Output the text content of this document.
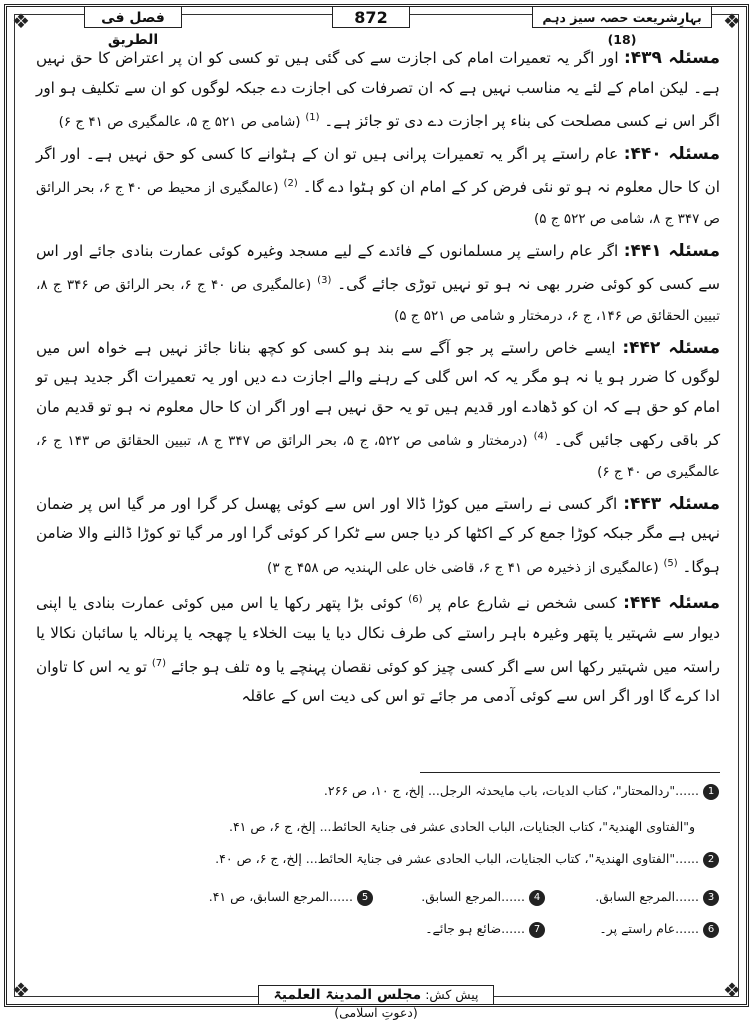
❖	❖
❖	❖
بہارِشریعت حصہ سیز دہم (18)
872
فصل فی الطریق

مسئلہ ۴۳۹: اور اگر یہ تعمیرات امام کی اجازت سے کی گئی ہیں تو کسی کو ان پر اعتراض کا حق نہیں ہے۔ لیکن امام کے لئے یہ مناسب نہیں ہے کہ ان تصرفات کی اجازت دے جبکہ لوگوں کو ان سے تکلیف ہو اور اگر اس نے کسی مصلحت کی بناء پر اجازت دے دی تو جائز ہے۔ $^{(1)}$ (شامی ص ۵۲۱ ج ۵، عالمگیری ص ۴۱ ج ۶)

مسئلہ ۴۴۰: عام راستے پر اگر یہ تعمیرات پرانی ہیں تو ان کے ہٹوانے کا کسی کو حق نہیں ہے۔ اور اگر ان کا حال معلوم نہ ہو تو نئی فرض کر کے امام ان کو ہٹوا دے گا۔ $^{(2)}$ (عالمگیری از محیط ص ۴۰ ج ۶، بحر الرائق ص ۳۴۷ ج ۸، شامی ص ۵۲۲ ج ۵)

مسئلہ ۴۴۱: اگر عام راستے پر مسلمانوں کے فائدے کے لیے مسجد وغیرہ کوئی عمارت بنادی جائے اور اس سے کسی کو کوئی ضرر بھی نہ ہو تو نہیں توڑی جائے گی۔ $^{(3)}$ (عالمگیری ص ۴۰ ج ۶، بحر الرائق ص ۳۴۶ ج ۸، تبیین الحقائق ص ۱۴۶، ج ۶، درمختار و شامی ص ۵۲۱ ج ۵)

مسئلہ ۴۴۲: ایسے خاص راستے پر جو آگے سے بند ہو کسی کو کچھ بنانا جائز نہیں ہے خواہ اس میں لوگوں کا ضرر ہو یا نہ ہو مگر یہ کہ اس گلی کے رہنے والے اجازت دے دیں اور یہ تعمیرات اگر جدید ہیں تو امام کو حق ہے کہ ان کو ڈھادے اور قدیم ہیں تو یہ حق نہیں ہے اور اگر ان کا حال معلوم نہ ہو تو قدیم مان کر باقی رکھی جائیں گی۔ $^{(4)}$ (درمختار و شامی ص ۵۲۲، ج ۵، بحر الرائق ص ۳۴۷ ج ۸، تبیین الحقائق ص ۱۴۳ ج ۶، عالمگیری ص ۴۰ ج ۶)

مسئلہ ۴۴۳: اگر کسی نے راستے میں کوڑا ڈالا اور اس سے کوئی پھسل کر گرا اور مر گیا اس پر ضمان نہیں ہے مگر جبکہ کوڑا جمع کر کے اکٹھا کر دیا جس سے ٹکرا کر کوئی گرا اور مر گیا تو کوڑا ڈالنے والا ضامن ہوگا۔ $^{(5)}$ (عالمگیری از ذخیرہ ص ۴۱ ج ۶، قاضی خاں علی الہندیہ ص ۴۵۸ ج ۳)

مسئلہ ۴۴۴: کسی شخص نے شارع عام پر $^{(6)}$ کوئی بڑا پتھر رکھا یا اس میں کوئی عمارت بنادی یا اپنی دیوار سے شہتیر یا پتھر وغیرہ باہر راستے کی طرف نکال دیا یا بیت الخلاء یا چھجہ یا پرنالہ یا سائبان نکالا یا راستہ میں شہتیر رکھا اس سے اگر کسی چیز کو کوئی نقصان پہنچے یا وہ تلف ہو جائے $^{(7)}$ تو یہ اس کا تاوان ادا کرے گا اور اگر اس سے کوئی آدمی مر جائے تو اس کی دیت اس کے عاقلہ

1......"ردالمحتار"، کتاب الدیات، باب مایحدثہ الرجل... إلخ، ج ۱۰، ص ۲۶۶.
و"الفتاوی الھندیۃ"، کتاب الجنایات، الباب الحادی عشر فی جنایۃ الحائط... إلخ، ج ۶، ص ۴۱.
2......"الفتاوی الھندیۃ"، کتاب الجنایات، الباب الحادی عشر فی جنایۃ الحائط... إلخ، ج ۶، ص ۴۰.
3......المرجع السابق.
4......المرجع السابق.
5......المرجع السابق، ص ۴۱.
6......عام راستے پر۔
7......ضائع ہو جائے۔
پیش کش: مجلس المدینۃ العلمیۃ (دعوتِ اسلامی)
